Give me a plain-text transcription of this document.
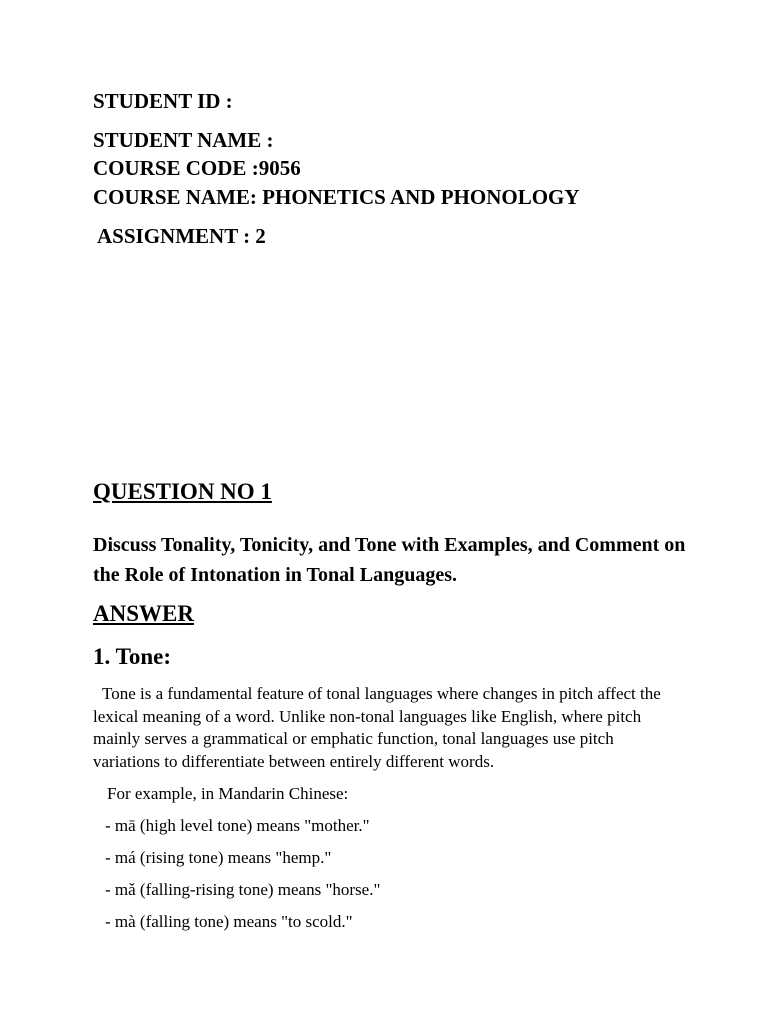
STUDENT ID :
STUDENT NAME :
COURSE CODE :9056
COURSE NAME: PHONETICS AND PHONOLOGY
ASSIGNMENT : 2
QUESTION NO 1
Discuss Tonality, Tonicity, and Tone with Examples, and Comment on the Role of Intonation in Tonal Languages.
ANSWER
1. Tone:
Tone is a fundamental feature of tonal languages where changes in pitch affect the lexical meaning of a word. Unlike non-tonal languages like English, where pitch mainly serves a grammatical or emphatic function, tonal languages use pitch variations to differentiate between entirely different words.
For example, in Mandarin Chinese:
- mā (high level tone) means "mother."
- má (rising tone) means "hemp."
- mǎ (falling-rising tone) means "horse."
- mà (falling tone) means "to scold."
